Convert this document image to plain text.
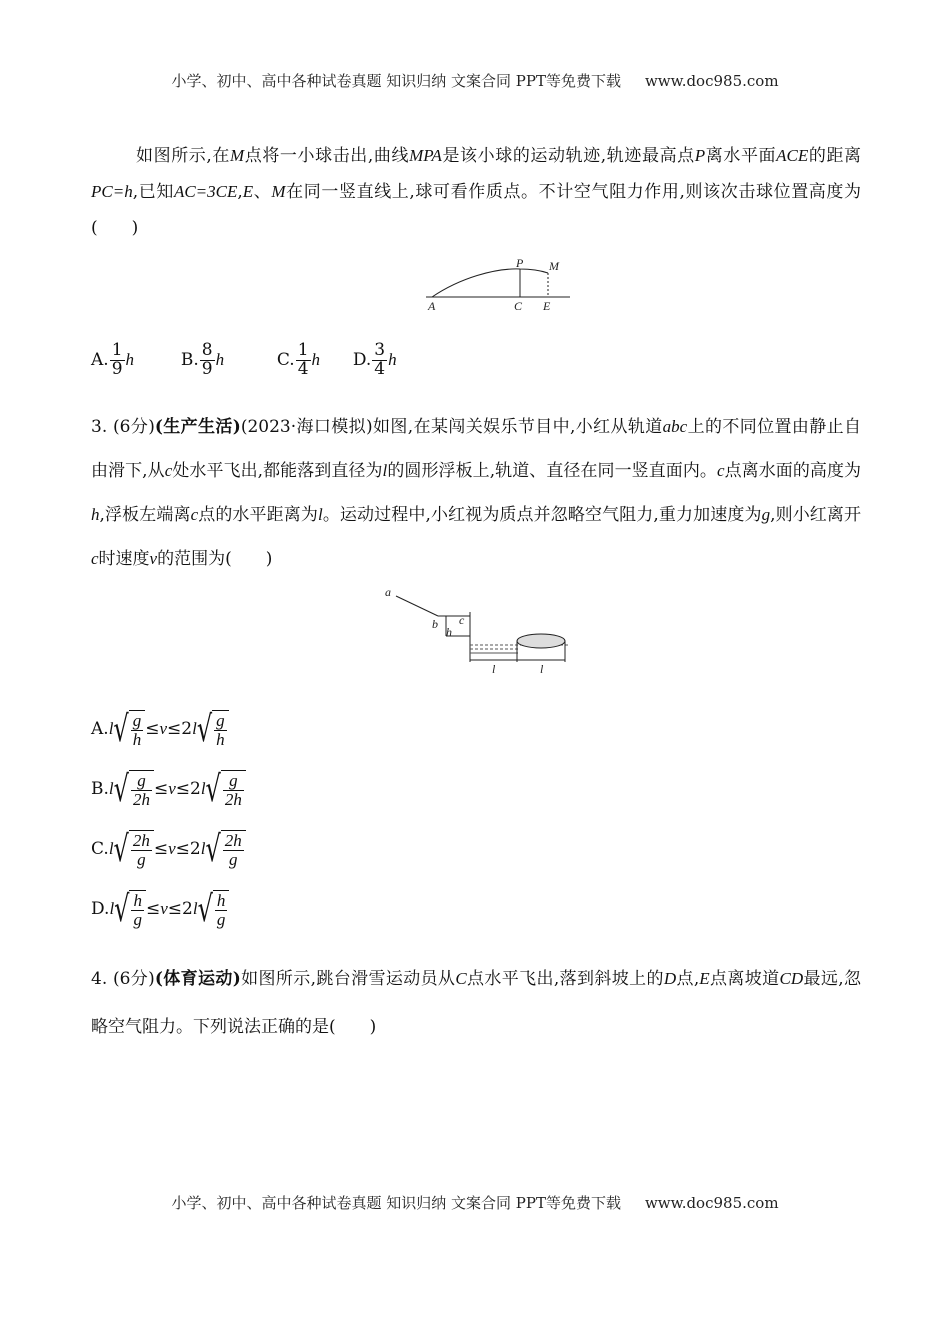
小学、初中、高中各种试卷真题 知识归纳 文案合同 PPT等免费下载 www.doc985.com
如图所示,在M点将一小球击出,曲线MPA是该小球的运动轨迹,轨迹最高点P离水平面ACE的距离PC=h,已知AC=3CE,E、M在同一竖直线上,球可看作质点。不计空气阻力作用,则该次击球位置高度为(　　)
P M
A	C E
A. $\frac{1}{9}$ h	B. $\frac{8}{9}$ h	C. $\frac{1}{4}$ h D. $\frac{3}{4}$ h
3. (6分)(生产生活)(2023·海口模拟)如图,在某闯关娱乐节目中,小红从轨道abc上的不同位置由静止自由滑下,从c处水平飞出,都能落到直径为l的圆形浮板上,轨道、直径在同一竖直面内。c点离水面的高度为h,浮板左端离c点的水平距离为l。运动过程中,小红视为质点并忽略空气阻力,重力加速度为g,则小红离开c时速度v的范围为(　　)
a
b c
h
l	l
$A.l√ \frac{g}{h} \le v\le 2l√ \frac{g}{h}$
$B.l√ \frac{g}{2h} \le v\le 2l√ \frac{g}{2h}$
$C.l√ \frac{2h}{g} \le v\le 2l√ \frac{2h}{g}$
$D.l√ \frac{h}{g} \le v\le 2l√ \frac{h}{g}$
4. (6分)(体育运动)如图所示,跳台滑雪运动员从C点水平飞出,落到斜坡上的D点,E点离坡道CD最远,忽略空气阻力。下列说法正确的是(　　)
小学、初中、高中各种试卷真题 知识归纳 文案合同 PPT等免费下载 www.doc985.com
